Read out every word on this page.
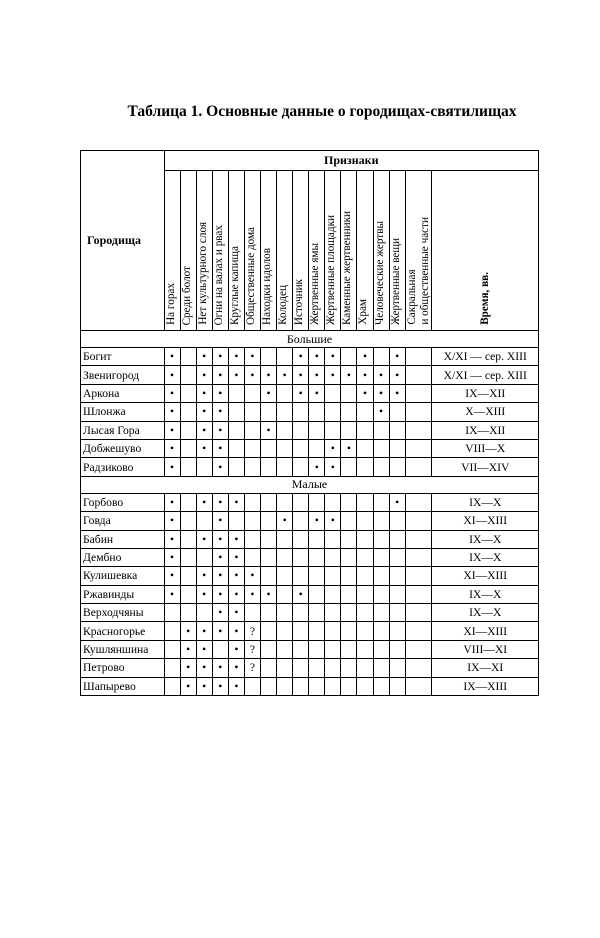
Таблица 1. Основные данные о городищах-святилищах
Городища	Признаки																
	На горах	Среди болот	Нет культурного слоя	Огни на валах и рвах	Круглые капища	Общественные дома	Находки идолов	Колодец	Источник	Жертвенные ямы	Жертвенные площадки	Каменные жертвенники	Храм	Человеческие жертвы	Жертвенные вещи	Сакральная
и общественные части	Время, вв.
Большие																	
Богит	•		•	•	•	•			•	•	•		•		•		X/XI — сер. XIII
Звенигород	•		•	•	•	•	•	•	•	•	•	•	•	•	•		X/XI — сер. XIII
Аркона	•		•	•			•		•	•			•	•	•		IX—XII
Шлонжа	•		•	•										•			X—XIII
Лысая Гора	•		•	•			•										IX—XII
Добжешуво	•		•	•							•	•					VIII—X
Радзиково	•			•						•	•						VII—XIV
Малые																	
Горбово	•		•	•	•										•		IX—X
Говда	•			•				•		•	•						XI—XIII
Бабин	•		•	•	•												IX—X
Дембно	•			•	•												IX—X
Кулишевка	•		•	•	•	•											XI—XIII
Ржавинды	•		•	•	•	•	•		•								IX—X
Верходчяны				•	•												IX—X
Красногорье		•	•	•	•	?											XI—XIII
Кушляншина		•	•		•	?											VIII—XI
Петрово		•	•	•	•	?											IX—XI
Шапырево		•	•	•	•												IX—XIII
